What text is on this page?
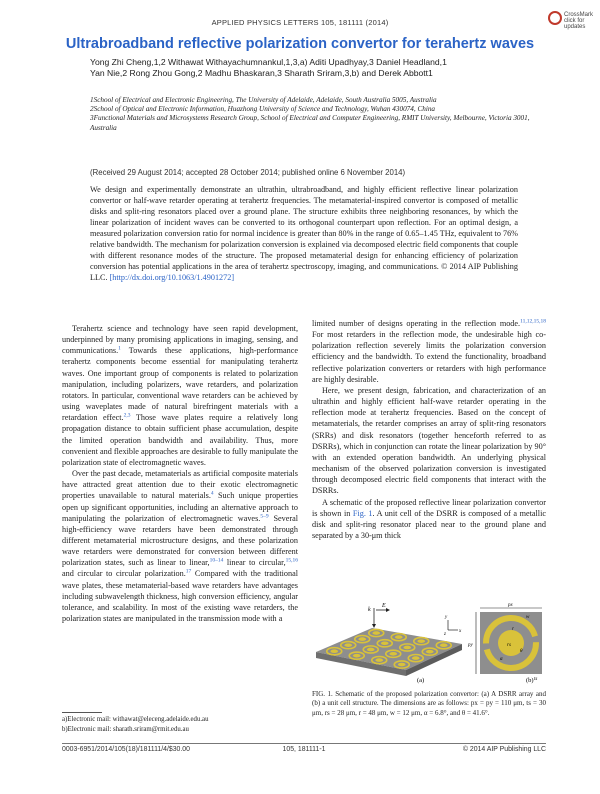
APPLIED PHYSICS LETTERS 105, 181111 (2014)
CrossMark
click for updates
Ultrabroadband reflective polarization convertor for terahertz waves
Yong Zhi Cheng,1,2 Withawat Withayachumnankul,1,3,a) Aditi Upadhyay,3 Daniel Headland,1
Yan Nie,2 Rong Zhou Gong,2 Madhu Bhaskaran,3 Sharath Sriram,3,b) and Derek Abbott1

1School of Electrical and Electronic Engineering, The University of Adelaide, Adelaide, South Australia 5005, Australia

2School of Optical and Electronic Information, Huazhong University of Science and Technology, Wuhan 430074, China

3Functional Materials and Microsystems Research Group, School of Electrical and Computer Engineering, RMIT University, Melbourne, Victoria 3001, Australia

(Received 29 August 2014; accepted 28 October 2014; published online 6 November 2014)
We design and experimentally demonstrate an ultrathin, ultrabroadband, and highly efficient reflective linear polarization convertor or half-wave retarder operating at terahertz frequencies. The metamaterial-inspired convertor is composed of metallic disks and split-ring resonators placed over a ground plane. The structure exhibits three neighboring resonances, by which the linear polarization of incident waves can be converted to its orthogonal counterpart upon reflection. For an optimal design, a measured polarization conversion ratio for normal incidence is greater than 80% in the range of 0.65–1.45 THz, equivalent to 76% relative bandwidth. The mechanism for polarization conversion is explained via decomposed electric field components that couple with different resonance modes of the structure. The proposed metamaterial design for enhancing efficiency of polarization conversion has potential applications in the area of terahertz spectroscopy, imaging, and communications. © 2014 AIP Publishing LLC. [http://dx.doi.org/10.1063/1.4901272]

Terahertz science and technology have seen rapid development, underpinned by many promising applications in imaging, sensing, and communications.$^1$ Towards these applications, high-performance terahertz components become essential for manipulating terahertz waves. One important group of components is related to polarization manipulation, including polarizers, wave retarders, and polarization rotators. In particular, conventional wave retarders can be achieved by using waveplates made of natural birefringent materials with a retardation effect.$^{2,3}$ Those wave plates require a relatively long propagation distance to obtain sufficient phase accumulation, despite the limited operation bandwidth and availability. Thus, more convenient and flexible approaches are desirable to fully manipulate the polarization state of electromagnetic waves.

Over the past decade, metamaterials as artificial composite materials have attracted great attention due to their exotic electromagnetic properties unavailable to natural materials.$^4$ Such unique properties open up significant opportunities, including an alternative approach to manipulating the polarization of electromagnetic waves.$^{5-9}$ Several high-efficiency wave retarders have been demonstrated through different metamaterial microstructure designs, and these polarization wave retarders were demonstrated for conversion between different polarization states, such as linear to linear,$^{10-14}$ linear to circular,$^{15,16}$ and circular to circular polarization.$^{17}$ Compared with the traditional wave plates, these metamaterial-based wave retarders have advantages including subwavelength thickness, high conversion efficiency, angular tolerance, and scalability. In most of the existing wave retarders, the polarization states are manipulated in the transmission mode with a

limited number of designs operating in the reflection mode.$^{11,12,15,18}$ For most retarders in the reflection mode, the undesirable high co-polarization reflection severely limits the polarization conversion efficiency and the bandwidth. To extend the functionality, broadband reflective polarization converters or retarders with high performance are highly desirable.

Here, we present design, fabrication, and characterization of an ultrathin and highly efficient half-wave retarder operating in the reflection mode at terahertz frequencies. Based on the concept of metamaterials, the retarder comprises an array of split-ring resonators (SRRs) and disk resonators (together henceforth referred to as DSRRs), which in conjunction can rotate the linear polarization by 90° with an extended operation bandwidth. An underlying physical mechanism of the observed polarization conversion is investigated through decomposed electric field components that interact with the DSRRs.

A schematic of the proposed reflective linear polarization convertor is shown in Fig. 1. A unit cell of the DSRR is composed of a metallic disk and split-ring resonator placed near to the ground plane and separated by a 30-μm thick

k
E
(a)
x
y
z
px
py
r
w
θ
α
rs
ts
(b)
FIG. 1. Schematic of the proposed polarization convertor: (a) A DSRR array and (b) a unit cell structure. The dimensions are as follows: px = py = 110 μm, ts = 30 μm, rs = 28 μm, r = 48 μm, w = 12 μm, α = 6.8°, and θ = 41.6°.
a)Electronic mail: withawat@eleceng.adelaide.edu.au
b)Electronic mail: sharath.sriram@rmit.edu.au
0003-6951/2014/105(18)/181111/4/$30.00	105, 181111-1	© 2014 AIP Publishing LLC
